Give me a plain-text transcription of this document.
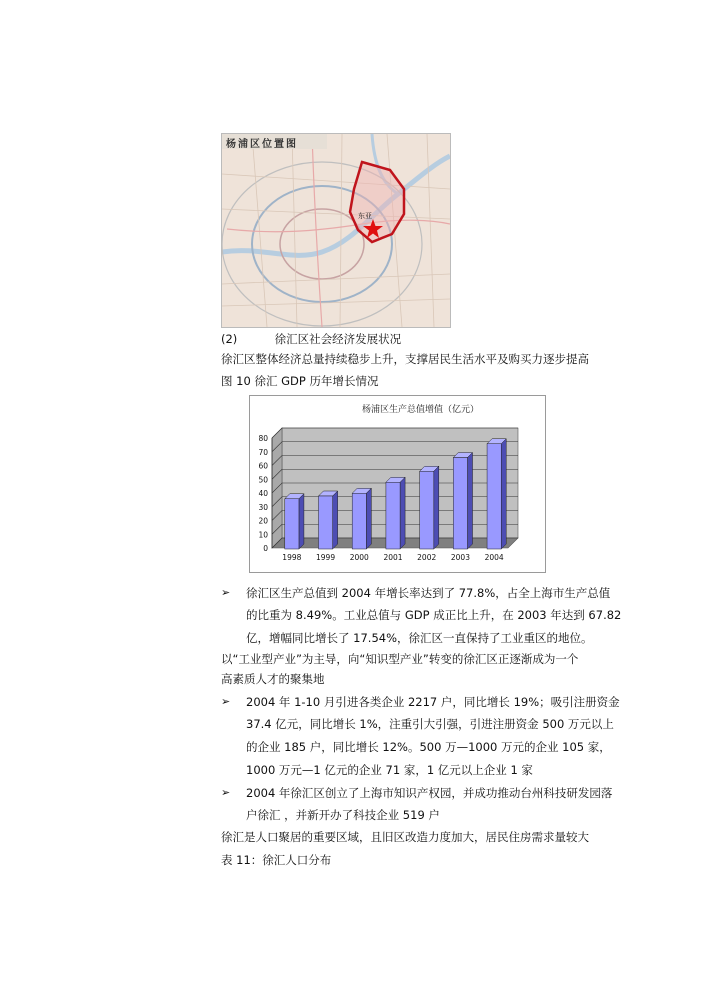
杨浦区位置图
东亚
(2)	徐汇区社会经济发展状况
徐汇区整体经济总量持续稳步上升，支撑居民生活水平及购买力逐步提高
图 10 徐汇 GDP 历年增长情况
杨浦区生产总值增值（亿元）
0
10
20
30
40
50
60
70
80
1998 1999 2000 2001 2002 2003 2004
➢ 徐汇区生产总值到 2004 年增长率达到了 77.8%，占全上海市生产总值
的比重为 8.49%。工业总值与 GDP 成正比上升，在 2003 年达到 67.82
亿，增幅同比增长了 17.54%，徐汇区一直保持了工业重区的地位。
以“工业型产业”为主导，向“知识型产业”转变的徐汇区正逐渐成为一个
高素质人才的聚集地
➢ 2004 年 1-10 月引进各类企业 2217 户，同比增长 19%；吸引注册资金
37.4 亿元，同比增长 1%，注重引大引强，引进注册资金 500 万元以上
的企业 185 户，同比增长 12%。500 万—1000 万元的企业 105 家，
1000 万元—1 亿元的企业 71 家，1 亿元以上企业 1 家
➢ 2004 年徐汇区创立了上海市知识产权园，并成功推动台州科技研发园落
户徐汇 ，并新开办了科技企业 519 户
徐汇是人口聚居的重要区域，且旧区改造力度加大，居民住房需求量较大
表 11：徐汇人口分布
